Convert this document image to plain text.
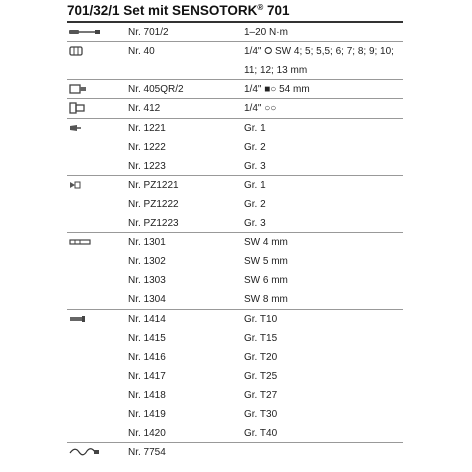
701/32/1 Set mit SENSOTORK® 701
Nr. 701/2	1–20 N·m
Nr. 40	1/4" ⭘ SW 4; 5; 5,5; 6; 7; 8; 9; 10;
11; 12; 13 mm
Nr. 405QR/2	1/4" ■○ 54 mm
Nr. 412	1/4" ○○
Nr. 1221	Gr. 1
Nr. 1222	Gr. 2
Nr. 1223	Gr. 3
Nr. PZ1221	Gr. 1
Nr. PZ1222	Gr. 2
Nr. PZ1223	Gr. 3
Nr. 1301	SW 4 mm
Nr. 1302	SW 5 mm
Nr. 1303	SW 6 mm
Nr. 1304	SW 8 mm
Nr. 1414	Gr. T10
Nr. 1415	Gr. T15
Nr. 1416	Gr. T20
Nr. 1417	Gr. T25
Nr. 1418	Gr. T27
Nr. 1419	Gr. T30
Nr. 1420	Gr. T40
Nr. 7754
